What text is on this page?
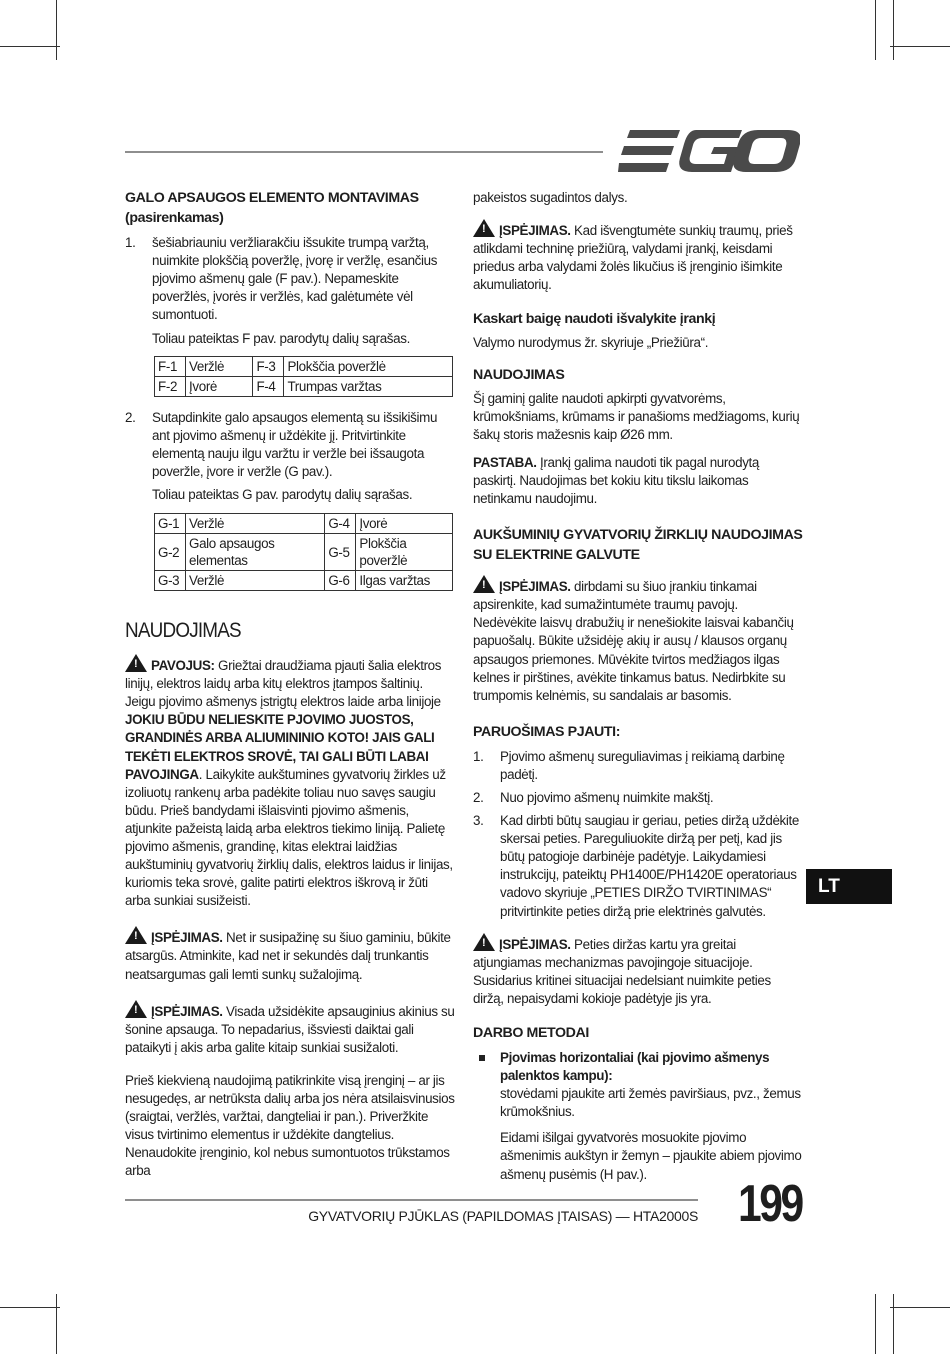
GALO APSAUGOS ELEMENTO MONTAVIMAS (pasirenkamas)

1. šešiabriauniu veržliarakčiu išsukite trumpą varžtą, nuimkite plokščią poveržlę, įvorę ir veržlę, esančius pjovimo ašmenų gale (F pav.). Nepameskite poveržlės, įvorės ir veržlės, kad galėtumėte vėl sumontuoti.

Toliau pateiktas F pav. parodytų dalių sąrašas.

F-1	Veržlė	F-3	Plokščia poveržlė
F-2	Įvorė	F-4	Trumpas varžtas
2. Sutapdinkite galo apsaugos elementą su išsikišimu ant pjovimo ašmenų ir uždėkite jį. Pritvirtinkite elementą nauju ilgu varžtu ir veržle bei išsaugota poveržle, įvore ir veržle (G pav.).

Toliau pateiktas G pav. parodytų dalių sąrašas.

G-1	Veržlė	G-4	Įvorė
G-2	Galo apsaugos elementas	G-5	Plokščia poveržlė
G-3	Veržlė	G-6	Ilgas varžtas

NAUDOJIMAS

!PAVOJUS: Griežtai draudžiama pjauti šalia elektros linijų, elektros laidų arba kitų elektros įtampos šaltinių. Jeigu pjovimo ašmenys įstrigtų elektros laide arba linijoje JOKIU BŪDU NELIESKITE PJOVIMO JUOSTOS, GRANDINĖS ARBA ALIUMININIO KOTO! JAIS GALI TEKĖTI ELEKTROS SROVĖ, TAI GALI BŪTI LABAI PAVOJINGA. Laikykite aukštumines gyvatvorių žirkles už izoliuotų rankenų arba padėkite toliau nuo savęs saugiu būdu. Prieš bandydami išlaisvinti pjovimo ašmenis, atjunkite pažeistą laidą arba elektros tiekimo liniją. Palietę pjovimo ašmenis, grandinę, kitas elektrai laidžias aukštuminių gyvatvorių žirklių dalis, elektros laidus ir linijas, kuriomis teka srovė, galite patirti elektros iškrovą ir žūti arba sunkiai susižeisti.

!ĮSPĖJIMAS. Net ir susipažinę su šiuo gaminiu, būkite atsargūs. Atminkite, kad net ir sekundės dalį trunkantis neatsargumas gali lemti sunkų sužalojimą.

!ĮSPĖJIMAS. Visada užsidėkite apsauginius akinius su šonine apsauga. To nepadarius, išsviesti daiktai gali pataikyti į akis arba galite kitaip sunkiai susižaloti.

Prieš kiekvieną naudojimą patikrinkite visą įrenginį – ar jis nesugedęs, ar netrūksta dalių arba jos nėra atsilaisvinusios (sraigtai, veržlės, varžtai, dangteliai ir pan.). Priveržkite visus tvirtinimo elementus ir uždėkite dangtelius. Nenaudokite įrenginio, kol nebus sumontuotos trūkstamos arba

pakeistos sugadintos dalys.

!ĮSPĖJIMAS. Kad išvengtumėte sunkių traumų, prieš atlikdami techninę priežiūrą, valydami įrankį, keisdami priedus arba valydami žolės likučius iš įrenginio išimkite akumuliatorių.

Kaskart baigę naudoti išvalykite įrankį

Valymo nurodymus žr. skyriuje „Priežiūra“.

NAUDOJIMAS

Šį gaminį galite naudoti apkirpti gyvatvorėms, krūmokšniams, krūmams ir panašioms medžiagoms, kurių šakų storis mažesnis kaip Ø26 mm.

PASTABA. Įrankį galima naudoti tik pagal nurodytą paskirtį. Naudojimas bet kokiu kitu tikslu laikomas netinkamu naudojimu.

AUKŠUMINIŲ GYVATVORIŲ ŽIRKLIŲ NAUDOJIMAS SU ELEKTRINE GALVUTE

!ĮSPĖJIMAS. dirbdami su šiuo įrankiu tinkamai apsirenkite, kad sumažintumėte traumų pavojų. Nedėvėkite laisvų drabužių ir nenešiokite laisvai kabančių papuošalų. Būkite užsidėję akių ir ausų / klausos organų apsaugos priemones. Mūvėkite tvirtos medžiagos ilgas kelnes ir pirštines, avėkite tinkamus batus. Nedirbkite su trumpomis kelnėmis, su sandalais ar basomis.

PARUOŠIMAS PJAUTI:

1. Pjovimo ašmenų sureguliavimas į reikiamą darbinę padėtį.
2. Nuo pjovimo ašmenų nuimkite makštį.
3. Kad dirbti būtų saugiau ir geriau, peties diržą uždėkite skersai peties. Pareguliuokite diržą per petį, kad jis būtų patogioje darbinėje padėtyje. Laikydamiesi instrukcijų, pateiktų PH1400E/PH1420E operatoriaus vadovo skyriuje „PETIES DIRŽO TVIRTINIMAS“ pritvirtinkite peties diržą prie elektrinės galvutės.

!ĮSPĖJIMAS. Peties diržas kartu yra greitai atjungiamas mechanizmas pavojingoje situacijoje. Susidarius kritinei situacijai nedelsiant nuimkite peties diržą, nepaisydami kokioje padėtyje jis yra.

DARBO METODAI

Pjovimas horizontaliai (kai pjovimo ašmenys palenktos kampu):
stovėdami pjaukite arti žemės paviršiaus, pvz., žemus krūmokšnius.
Eidami išilgai gyvatvorės mosuokite pjovimo ašmenimis aukštyn ir žemyn – pjaukite abiem pjovimo ašmenų pusėmis (H pav.).
LT
GYVATVORIŲ PJŪKLAS (PAPILDOMAS ĮTAISAS) — HTA2000S 199
